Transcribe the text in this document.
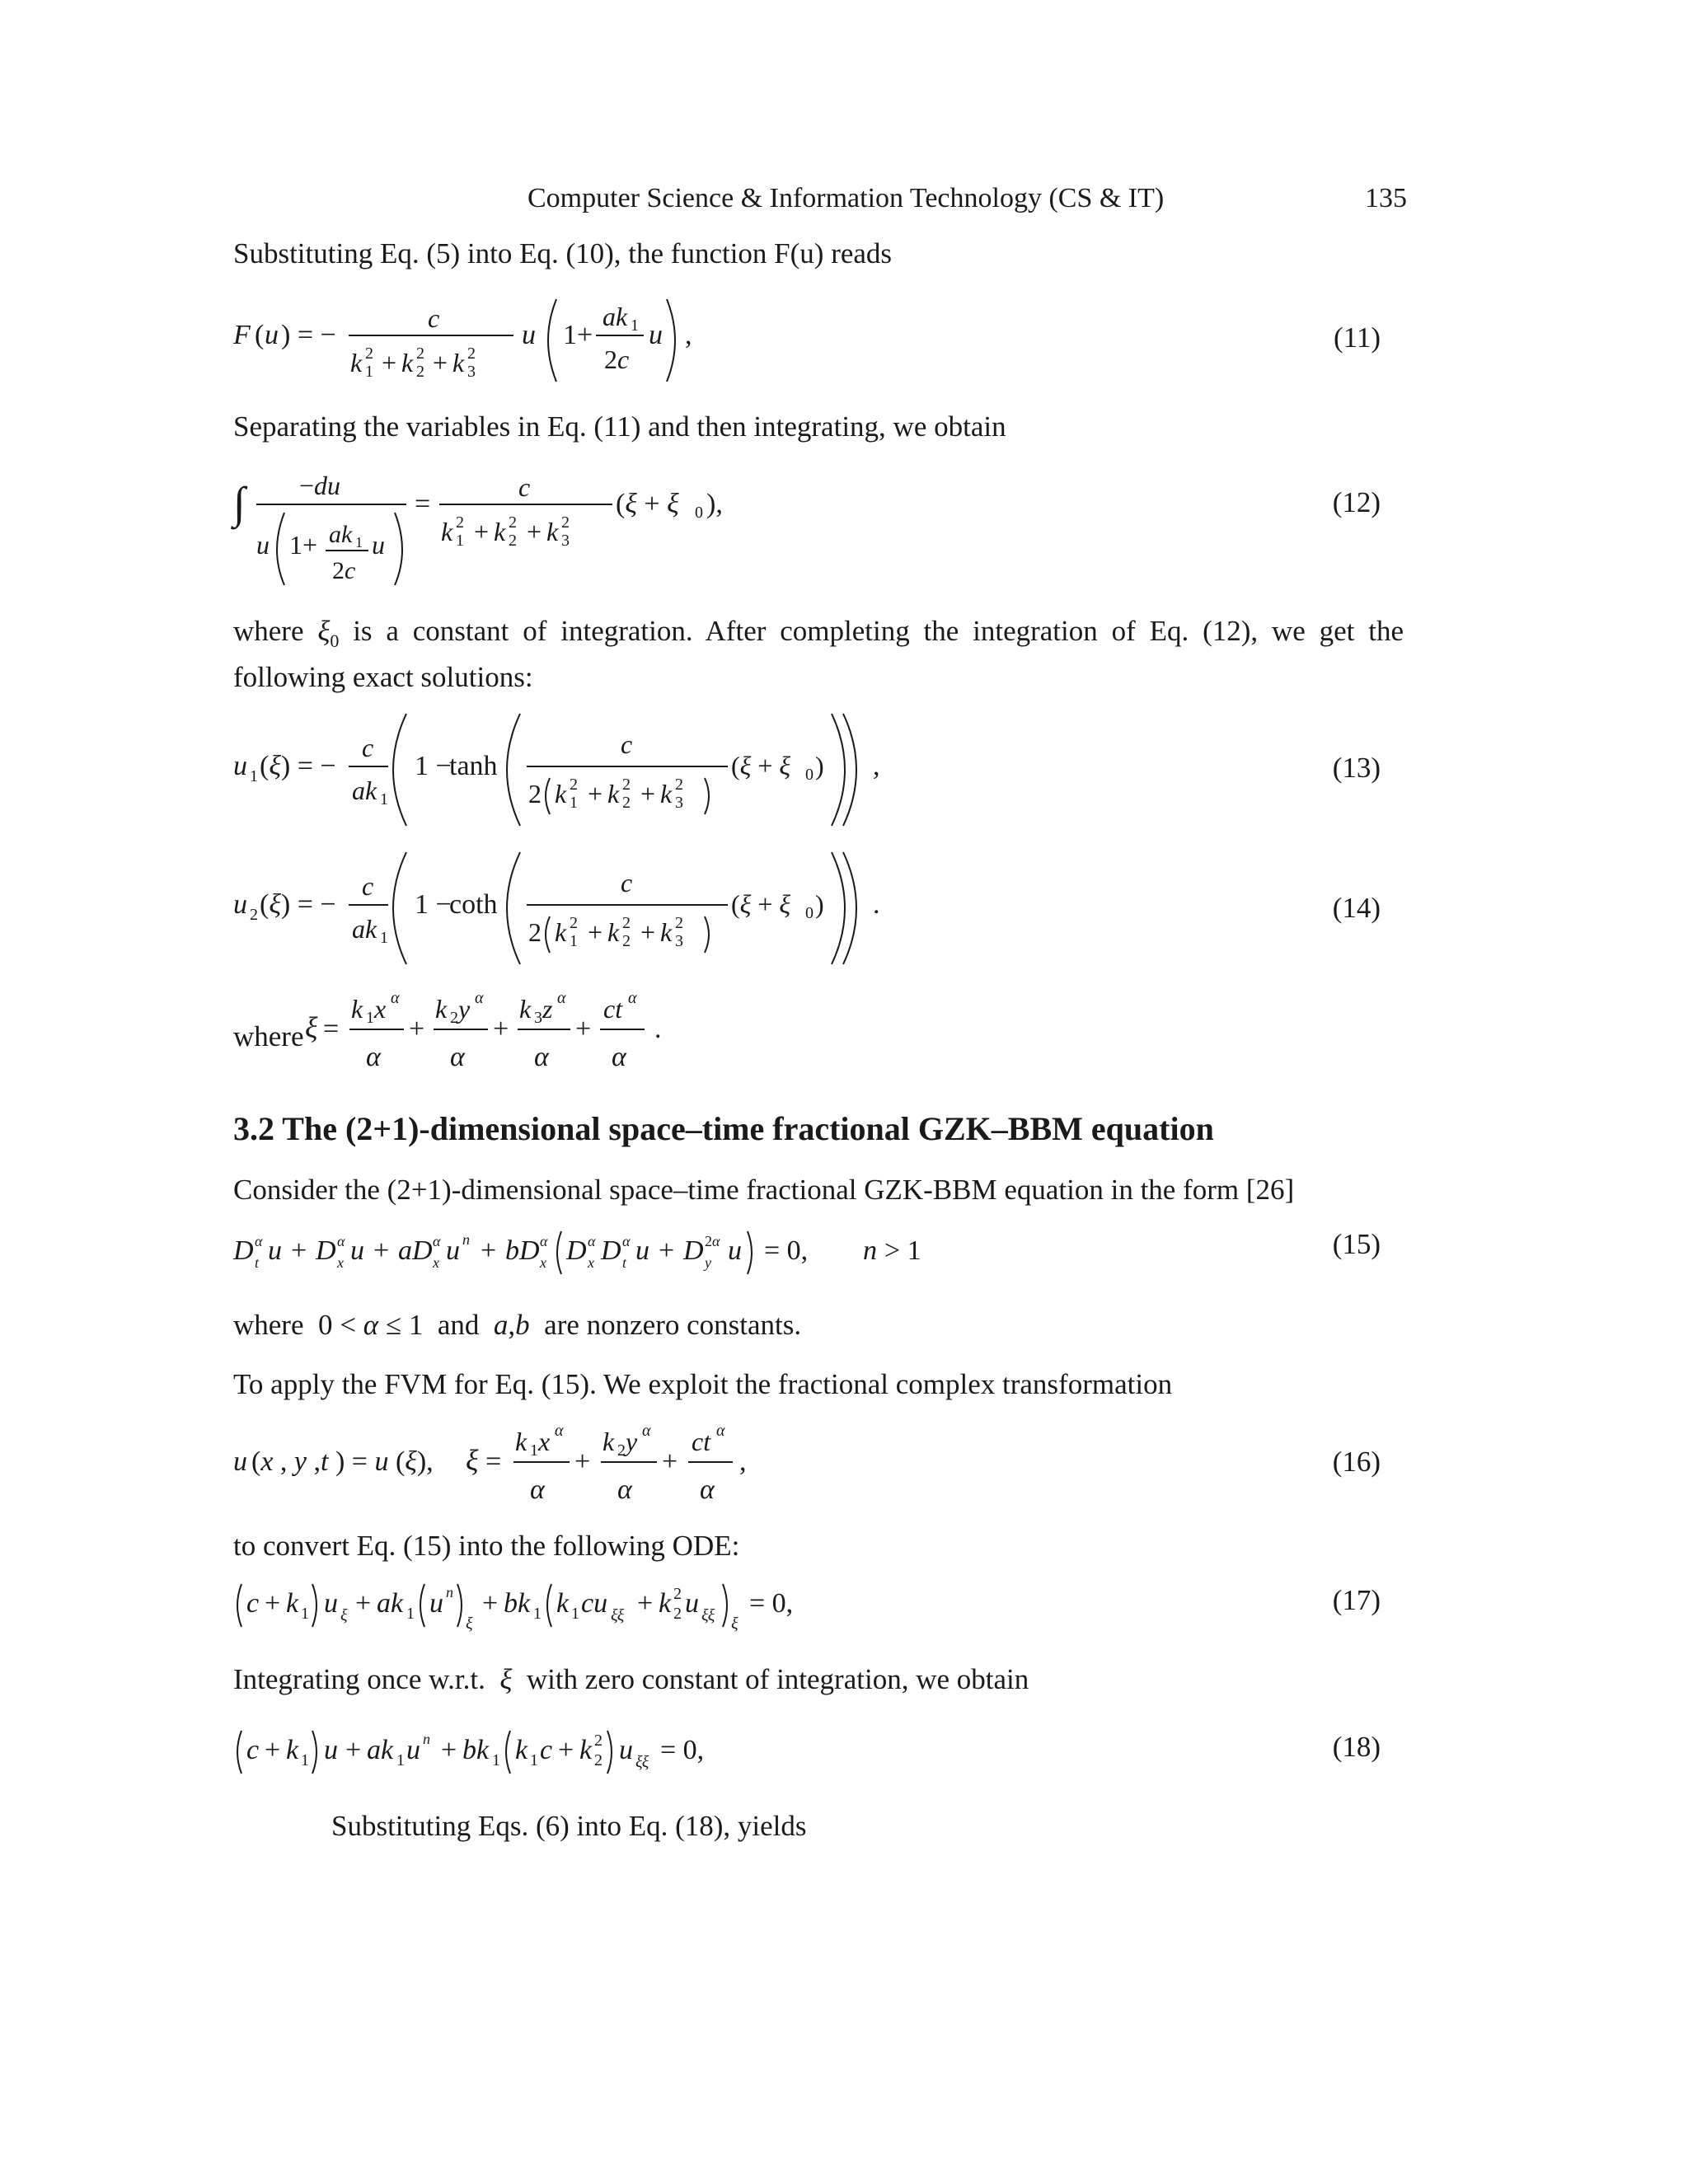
Computer Science & Information Technology (CS & IT)	135
Substituting Eq. (5) into Eq. (10), the function F(u) reads
F ( u ) = −
c
k 1
2 + k 2
2 + k 3
2
u 1+
ak 1
2c
u ,	(11)
Separating the variables in Eq. (11) and then integrating, we obtain
∫ −du
u 1+ ak 1
2c
u
=
c
k 1
2 + k 2
2 + k 3
2
(ξ + ξ 0 ),	(12)
where $\xi_0$ is a constant of integration. After completing the integration of Eq. (12), we get the
following exact solutions:
u 1 (ξ) = −
c
ak 1
1 −
tanh
c
2 k 1
2 + k 2
2 + k 3
2
(ξ + ξ 0 ) ,	(13)
u 2 (ξ) = −
c
ak 1
1 −
coth
c
2 k 1
2 + k 2
2 + k 3
2
(ξ + ξ 0 ) .	(14)
where ξ =
k 1 x α
α
+
k 2 y α
α
+
k 3 z α
α
+
ct α
α
.
3.2 The (2+1)-dimensional space–time fractional GZK–BBM equation
Consider the (2+1)-dimensional space–time fractional GZK-BBM equation in the form [26]
D α
t u + D α
x u + aD α
x u n + bD α
x D α
x D α
t u + D 2α
y u = 0, n > 1	(15)
where  0 < α ≤ 1  and a,b are nonzero constants.
To apply the FVM for Eq. (15). We exploit the fractional complex transformation
u (x , y ,t ) = u (ξ), ξ =
k 1 x α
α
+
k 2 y α
α
+
ct α
α
,	(16)
to convert Eq. (15) into the following ODE:
c + k 1 u ξ + ak 1 u n
ξ
+ bk 1 k 1 cu ξξ + k 2
2 u ξξ ξ
= 0,	(17)
Integrating once w.r.t. ξ with zero constant of integration, we obtain
c + k 1 u + ak 1 u n + bk 1 k 1 c + k 2
2 u ξξ = 0,	(18)
Substituting Eqs. (6) into Eq. (18), yields
